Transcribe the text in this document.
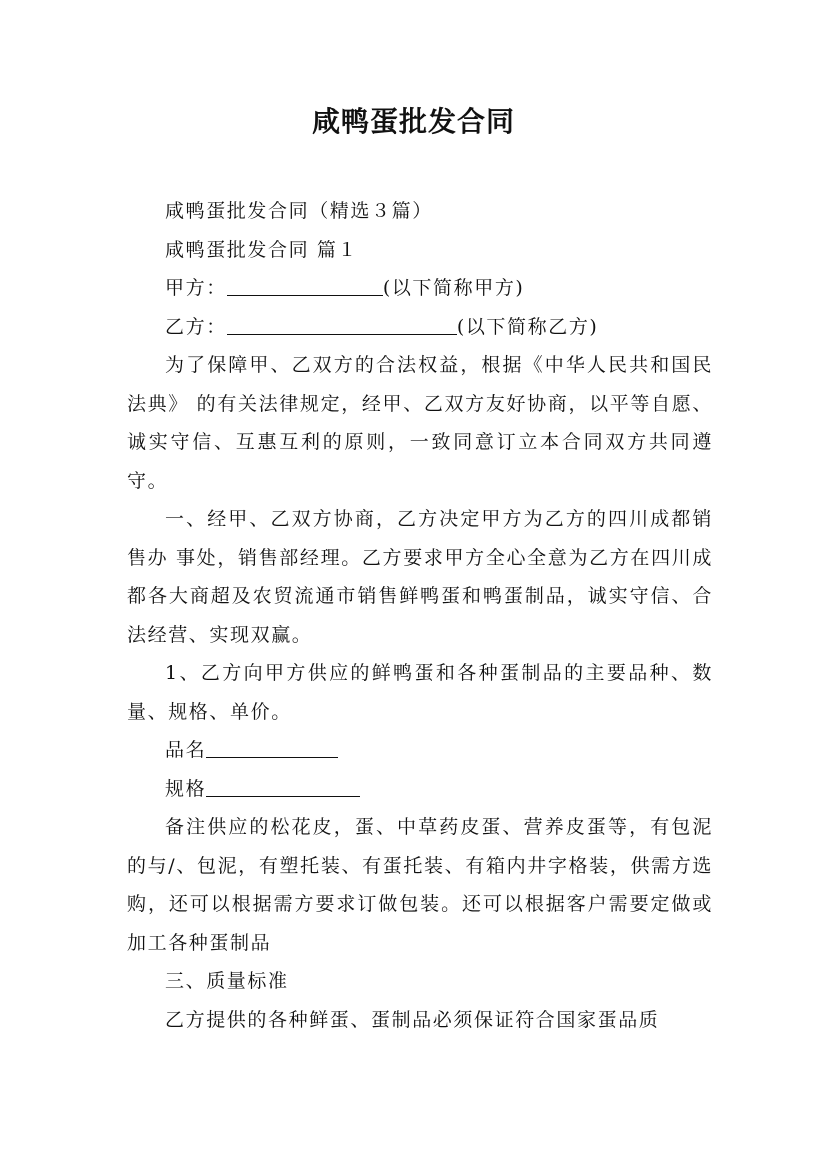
咸鸭蛋批发合同

咸鸭蛋批发合同（精选３篇）

咸鸭蛋批发合同 篇１

甲方：	(以下简称甲方)

乙方：	(以下简称乙方)

为了保障甲、乙双方的合法权益，根据《中华人民共和国民法典》 的有关法律规定，经甲、乙双方友好协商，以平等自愿、诚实守信、互惠互利的原则，一致同意订立本合同双方共同遵守。

一、经甲、乙双方协商，乙方决定甲方为乙方的四川成都销售办 事处，销售部经理。乙方要求甲方全心全意为乙方在四川成都各大商超及农贸流通市销售鲜鸭蛋和鸭蛋制品，诚实守信、合法经营、实现双赢。

1、乙方向甲方供应的鲜鸭蛋和各种蛋制品的主要品种、数量、规格、单价。

品名

规格

备注供应的松花皮，蛋、中草药皮蛋、营养皮蛋等，有包泥的与/、包泥，有塑托装、有蛋托装、有箱内井字格装，供需方选购，还可以根据需方要求订做包装。还可以根据客户需要定做或加工各种蛋制品

三、质量标准

乙方提供的各种鲜蛋、蛋制品必须保证符合国家蛋品质
